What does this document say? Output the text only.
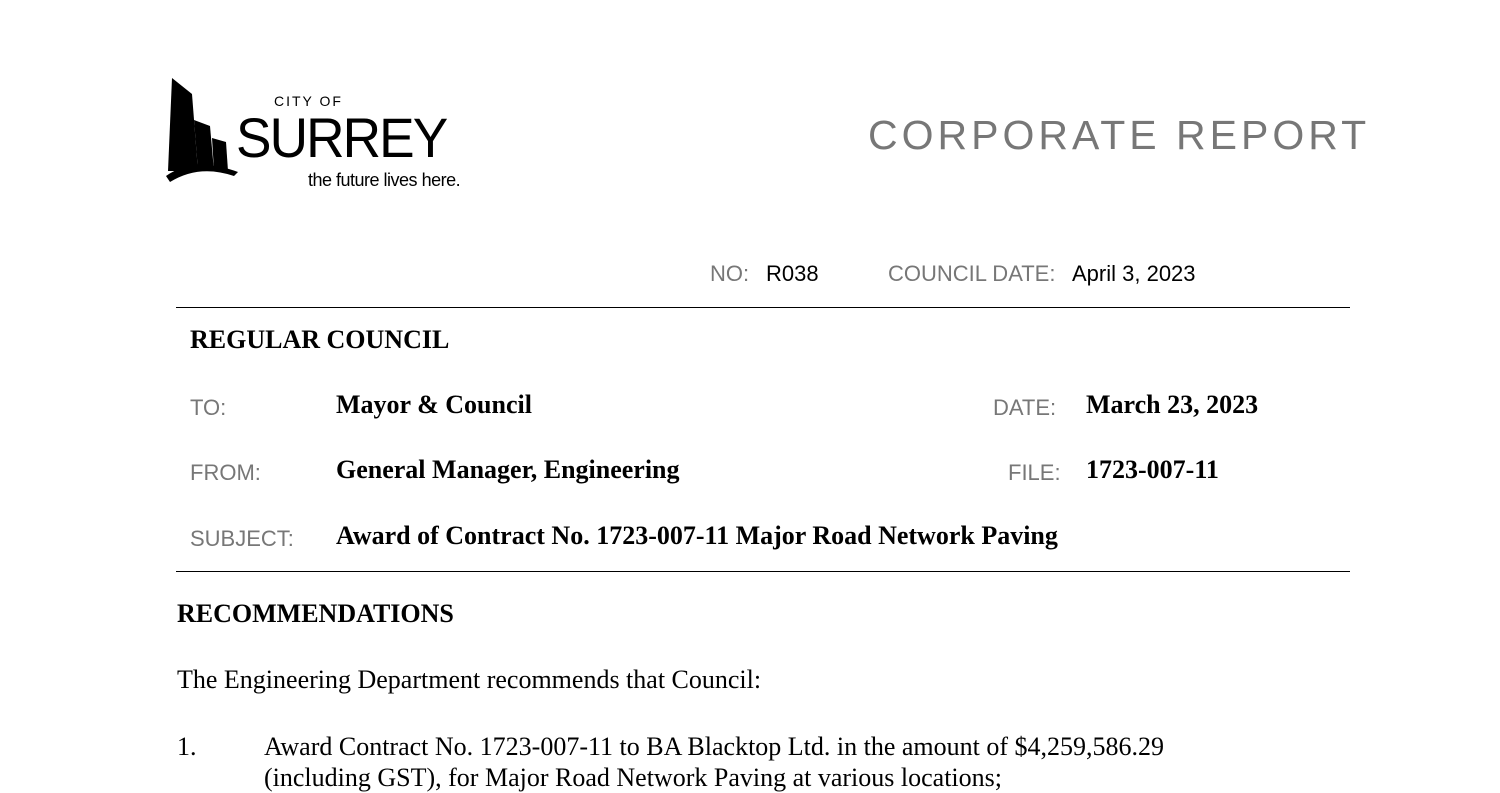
CITY OF
SURREY
the future lives here.
CORPORATE REPORT
NO: R038	COUNCIL DATE: April 3, 2023
REGULAR COUNCIL
TO:	Mayor & Council	DATE: March 23, 2023
FROM:	General Manager, Engineering	FILE: 1723-007-11
SUBJECT: Award of Contract No. 1723-007-11 Major Road Network Paving
RECOMMENDATIONS
The Engineering Department recommends that Council:
1.	Award Contract No. 1723-007-11 to BA Blacktop Ltd. in the amount of $4,259,586.29
(including GST), for Major Road Network Paving at various locations;
